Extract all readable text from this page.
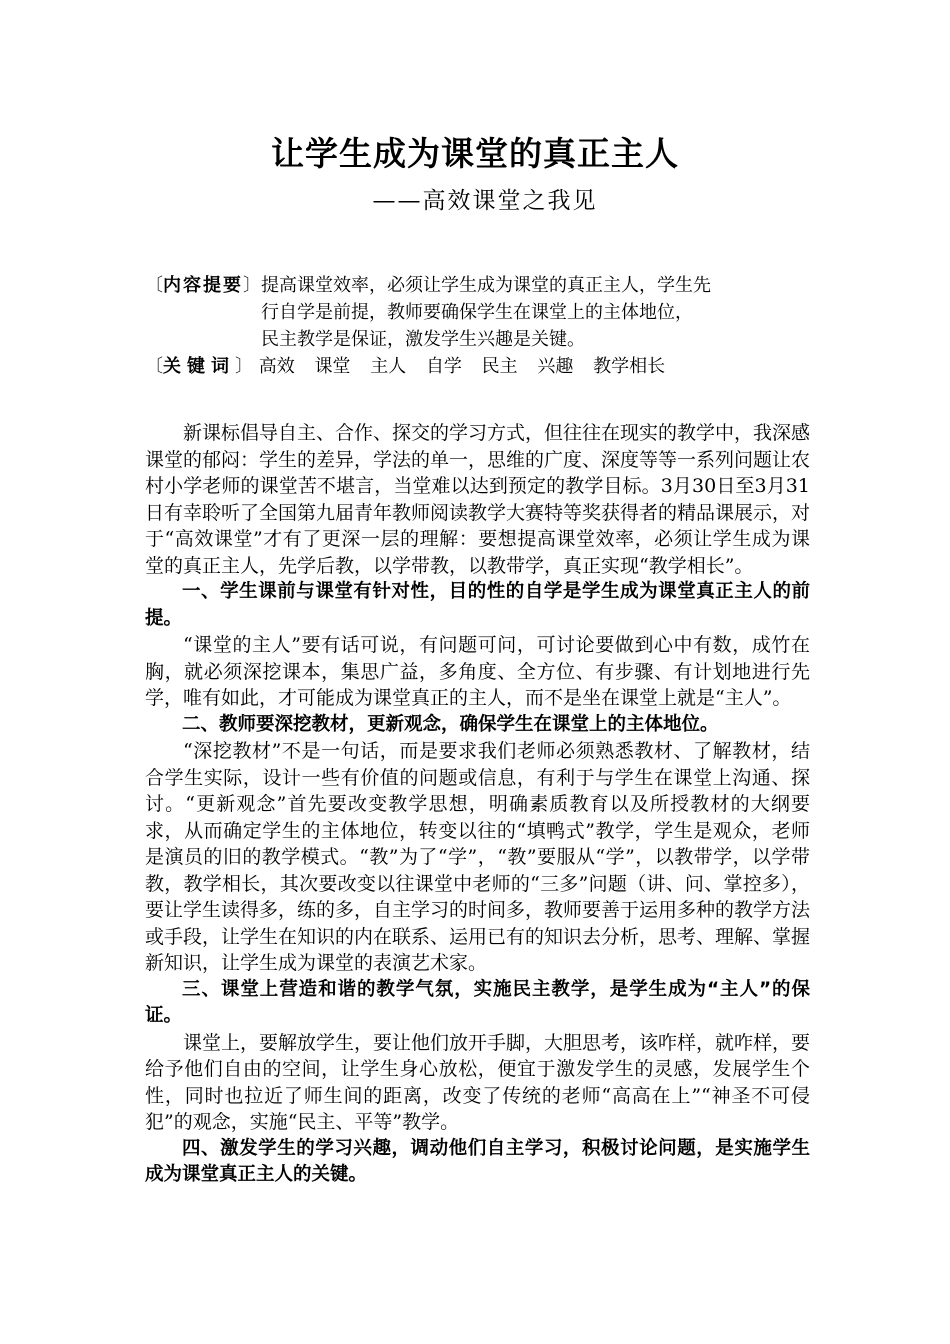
让学生成为课堂的真正主人
——高效课堂之我见
〔内容提要〕 提高课堂效率，必须让学生成为课堂的真正主人，学生先
行自学是前提，教师要确保学生在课堂上的主体地位，
民主教学是保证，激发学生兴趣是关键。
〔关键词〕 高效 课堂 主人 自学 民主 兴趣 教学相长

新课标倡导自主、合作、探交的学习方式，但往往在现实的教学中，我深感课堂的郁闷：学生的差异，学法的单一，思维的广度、深度等等一系列问题让农村小学老师的课堂苦不堪言，当堂难以达到预定的教学目标。3月30日至3月31日有幸聆听了全国第九届青年教师阅读教学大赛特等奖获得者的精品课展示，对于“高效课堂”才有了更深一层的理解：要想提高课堂效率，必须让学生成为课堂的真正主人，先学后教，以学带教，以教带学，真正实现“教学相长”。

一、学生课前与课堂有针对性，目的性的自学是学生成为课堂真正主人的前提。

“课堂的主人”要有话可说，有问题可问，可讨论要做到心中有数，成竹在胸，就必须深挖课本，集思广益，多角度、全方位、有步骤、有计划地进行先学，唯有如此，才可能成为课堂真正的主人，而不是坐在课堂上就是“主人”。

二、教师要深挖教材，更新观念，确保学生在课堂上的主体地位。

“深挖教材”不是一句话，而是要求我们老师必须熟悉教材、了解教材，结合学生实际，设计一些有价值的问题或信息，有利于与学生在课堂上沟通、探讨。“更新观念”首先要改变教学思想，明确素质教育以及所授教材的大纲要求，从而确定学生的主体地位，转变以往的“填鸭式”教学，学生是观众，老师是演员的旧的教学模式。“教”为了“学”，“教”要服从“学”，以教带学，以学带教，教学相长，其次要改变以往课堂中老师的“三多”问题（讲、问、掌控多），要让学生读得多，练的多，自主学习的时间多，教师要善于运用多种的教学方法或手段，让学生在知识的内在联系、运用已有的知识去分析，思考、理解、掌握新知识，让学生成为课堂的表演艺术家。

三、课堂上营造和谐的教学气氛，实施民主教学，是学生成为“主人”的保证。

课堂上，要解放学生，要让他们放开手脚，大胆思考，该咋样，就咋样，要给予他们自由的空间，让学生身心放松，便宜于激发学生的灵感，发展学生个性，同时也拉近了师生间的距离，改变了传统的老师“高高在上”“神圣不可侵犯”的观念，实施“民主、平等”教学。

四、激发学生的学习兴趣，调动他们自主学习，积极讨论问题，是实施学生成为课堂真正主人的关键。
